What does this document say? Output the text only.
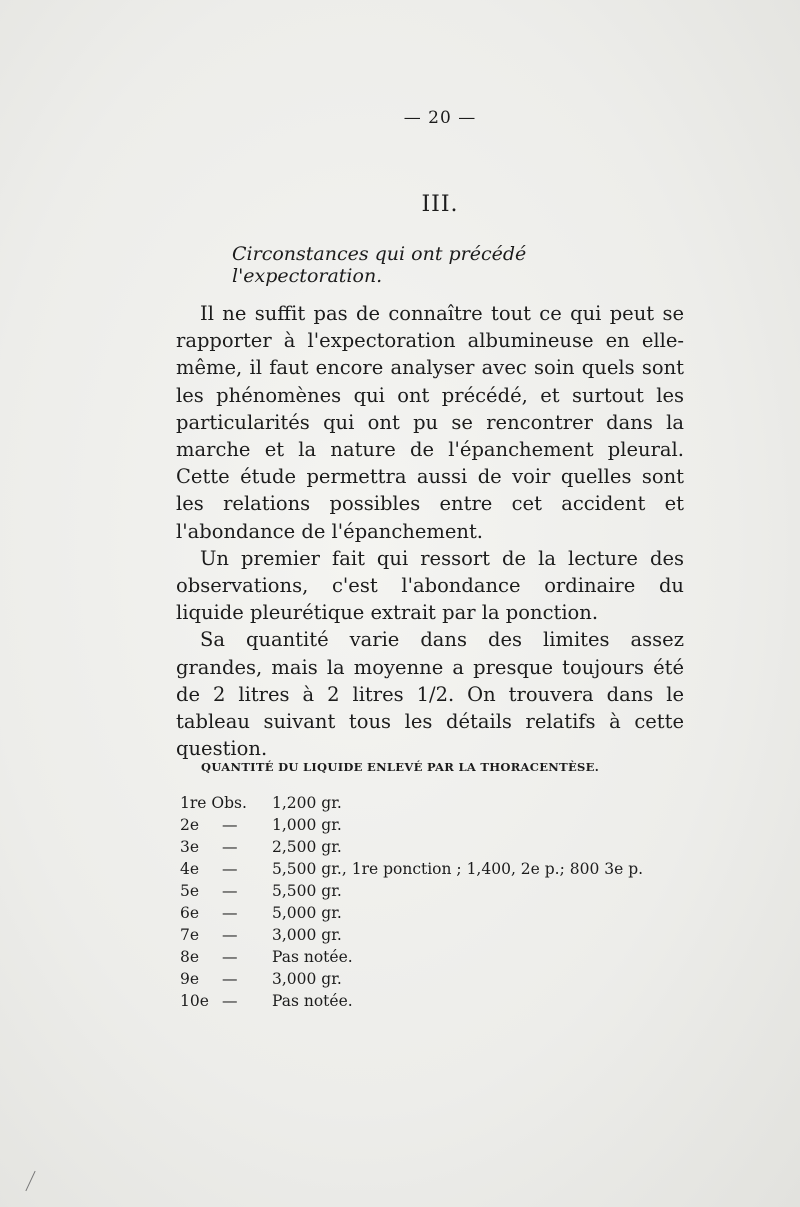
— 20 —
III.
Circonstances qui ont précédé l'expectoration.

Il ne suffit pas de connaître tout ce qui peut se rapporter à l'expectoration albumineuse en elle-même, il faut encore analyser avec soin quels sont les phénomènes qui ont précédé, et surtout les particularités qui ont pu se rencontrer dans la marche et la nature de l'épanchement pleural. Cette étude permettra aussi de voir quelles sont les relations possibles entre cet accident et l'abondance de l'épanchement.

Un premier fait qui ressort de la lecture des observations, c'est l'abondance ordinaire du liquide pleurétique extrait par la ponction.

Sa quantité varie dans des limites assez grandes, mais la moyenne a presque toujours été de 2 litres à 2 litres 1/2. On trouvera dans le tableau suivant tous les détails relatifs à cette question.

QUANTITÉ DU LIQUIDE ENLEVÉ PAR LA THORACENTÈSE.
1re Obs. 1,200 gr.
2e	—	1,000 gr.
3e	—	2,500 gr.
4e	—	5,500 gr., 1re ponction ; 1,400, 2e p.; 800 3e p.
5e	—	5,500 gr.
6e	—	5,000 gr.
7e	—	3,000 gr.
8e	—	Pas notée.
9e	—	3,000 gr.
10e —	Pas notée.
